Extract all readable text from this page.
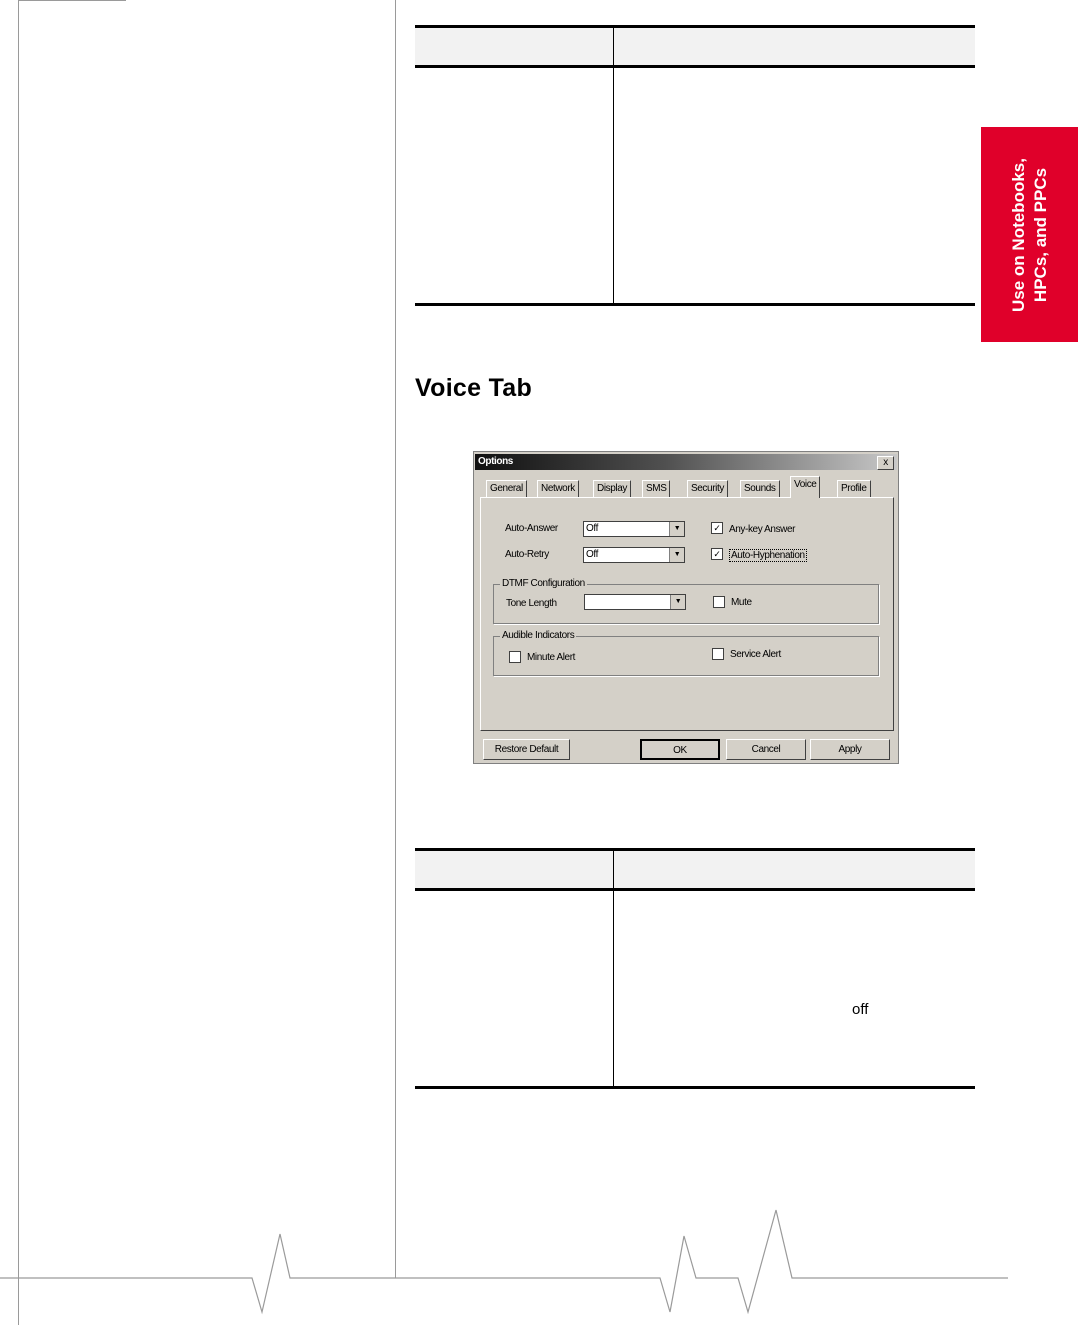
Use on Notebooks, HPCs, and PPCs
Voice Tab
Options	x
General	Network	Display	SMS	Security	Sounds	Voice	Profile
Auto-Answer	Off	▼
Auto-Retry	Off	▼
✓ Any-key Answer
✓ Auto-Hyphenation
DTMF Configuration
Tone Length	▼	Mute
Audible Indicators
Minute Alert	Service Alert
Restore Default	OK	Cancel	Apply
off
